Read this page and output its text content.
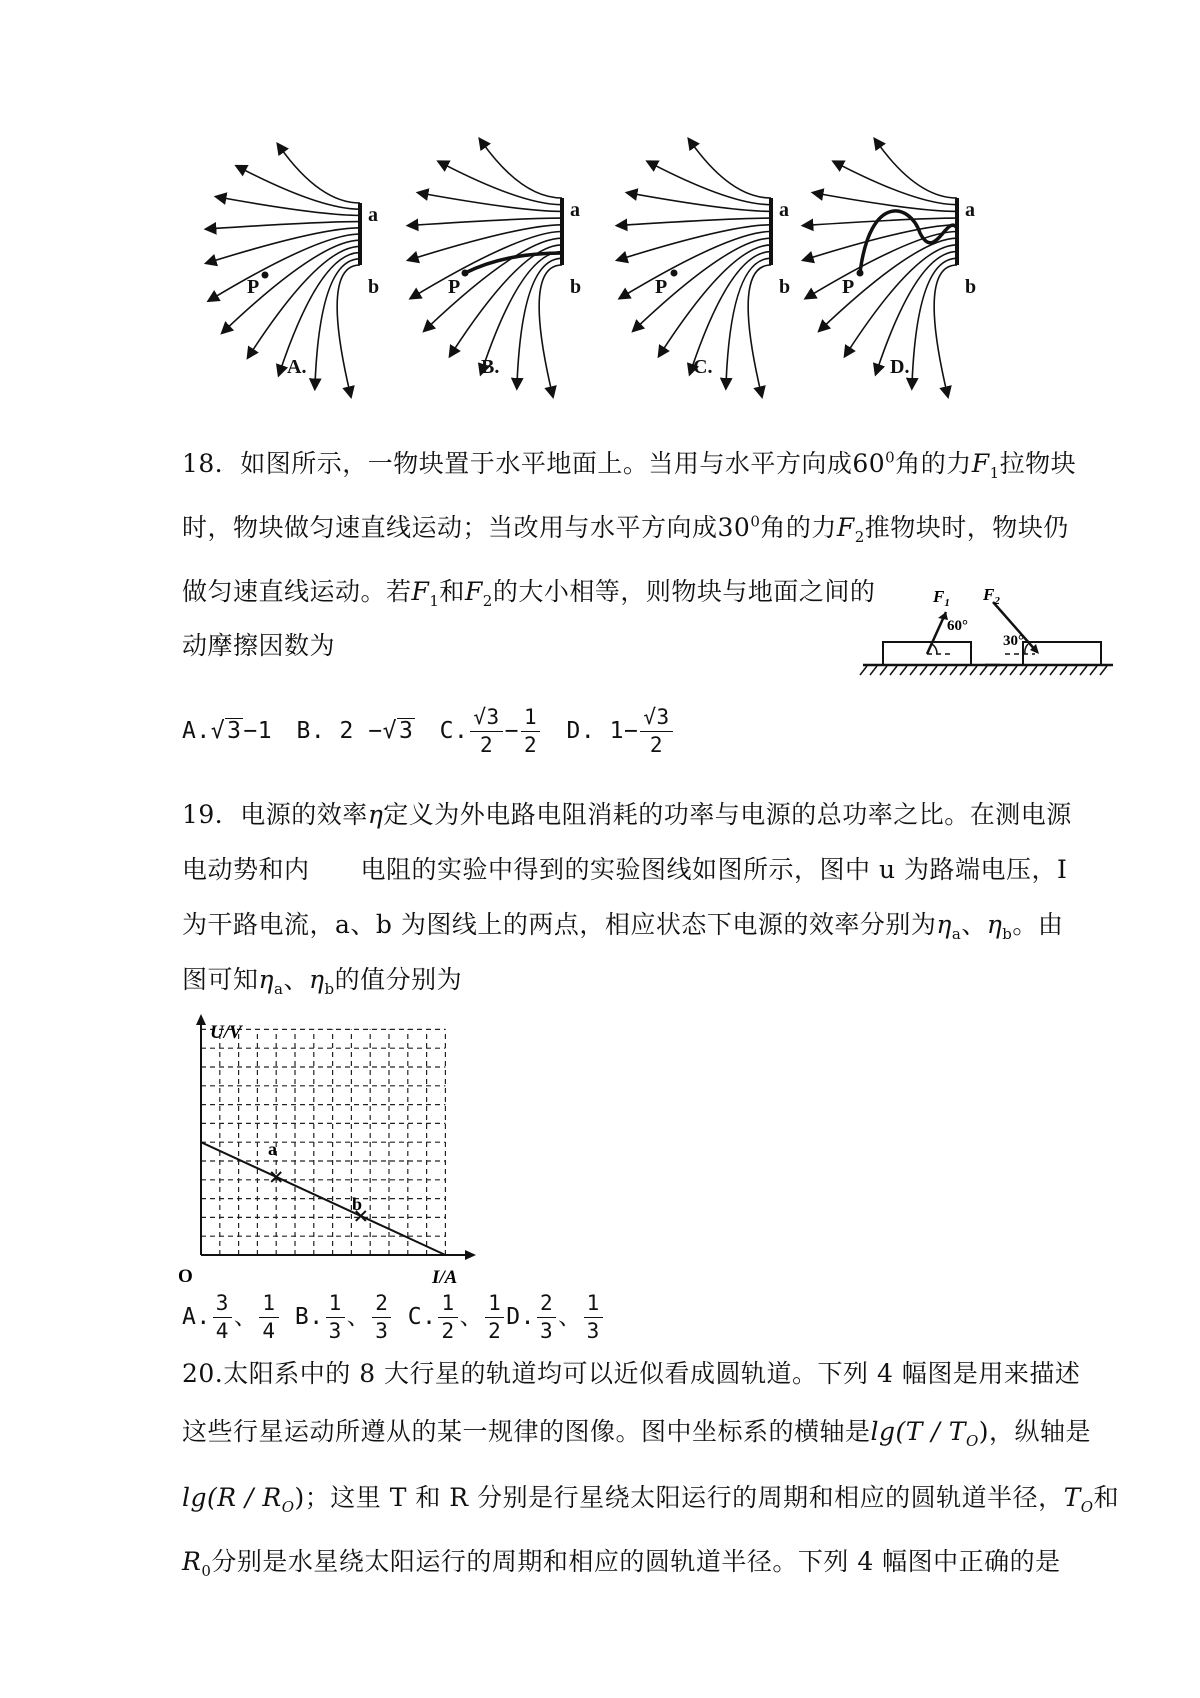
A.	B.	C.	D.
a
b
P
a
b
P
a
b
P
a
b
P
18．如图所示，一物块置于水平地面上。当用与水平方向成$60^0$角的力$F_1$拉物块
时，物块做匀速直线运动；当改用与水平方向成$30^0$角的力$F_2$推物块时，物块仍
做匀速直线运动。若$F_1$和$F_2$的大小相等，则物块与地面之间的
动摩擦因数为
60°
$F_1$
30°
$F_2$
A.√3−1 B. 2 −√3 C. $\frac{√3}{2} - \frac{1}{2} D$. $1- \frac{√3}{2}$
19．电源的效率η定义为外电路电阻消耗的功率与电源的总功率之比。在测电源
电动势和内　　电阻的实验中得到的实验图线如图所示，图中 u 为路端电压，I
为干路电流，a、b 为图线上的两点，相应状态下电源的效率分别为$\eta_a$、$\eta_b$。由
图可知$\eta_a$、$\eta_b$的值分别为
U/V
I/A
O
a
b
A. $\frac{3}{4}$ 、 $\frac{1}{4} B$. $\frac{1}{3}$ 、 $\frac{2}{3} C$. $\frac{1}{2}$ 、 $\frac{1}{2} D$. $\frac{2}{3}$ 、 $\frac{1}{3}$
20.太阳系中的 8 大行星的轨道均可以近似看成圆轨道。下列 4 幅图是用来描述
这些行星运动所遵从的某一规律的图像。图中坐标系的横轴是$\lg(T / T_O)$，纵轴是
$\lg(R / R_O)$；这里 T 和 R 分别是行星绕太阳运行的周期和相应的圆轨道半径，$T_O$和
$R_0$分别是水星绕太阳运行的周期和相应的圆轨道半径。下列 4 幅图中正确的是
